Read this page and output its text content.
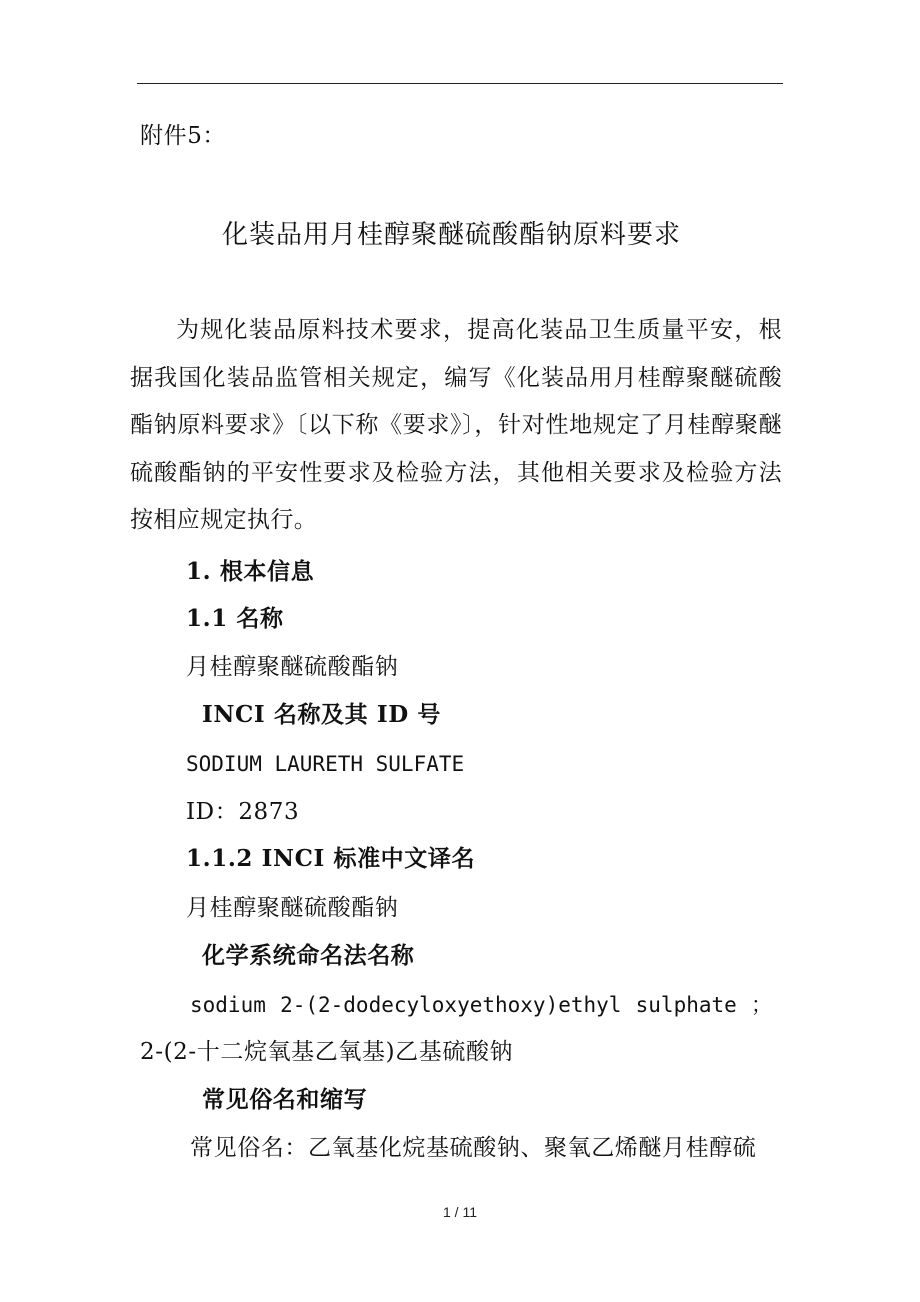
附件5：
化装品用月桂醇聚醚硫酸酯钠原料要求

为规化装品原料技术要求，提高化装品卫生质量平安，根据我国化装品监管相关规定，编写《化装品用月桂醇聚醚硫酸酯钠原料要求》〔以下称《要求》〕，针对性地规定了月桂醇聚醚硫酸酯钠的平安性要求及检验方法，其他相关要求及检验方法按相应规定执行。

1. 根本信息
1.1 名称
月桂醇聚醚硫酸酯钠
INCI 名称及其 ID 号
SODIUM LAURETH SULFATE
ID：2873
1.1.2 INCI 标准中文译名
月桂醇聚醚硫酸酯钠
化学系统命名法名称
sodium 2-(2-dodecyloxyethoxy)ethyl sulphate ；
2-(2-十二烷氧基乙氧基)乙基硫酸钠
常见俗名和缩写
常见俗名：乙氧基化烷基硫酸钠、聚氧乙烯醚月桂醇硫
1 / 11
